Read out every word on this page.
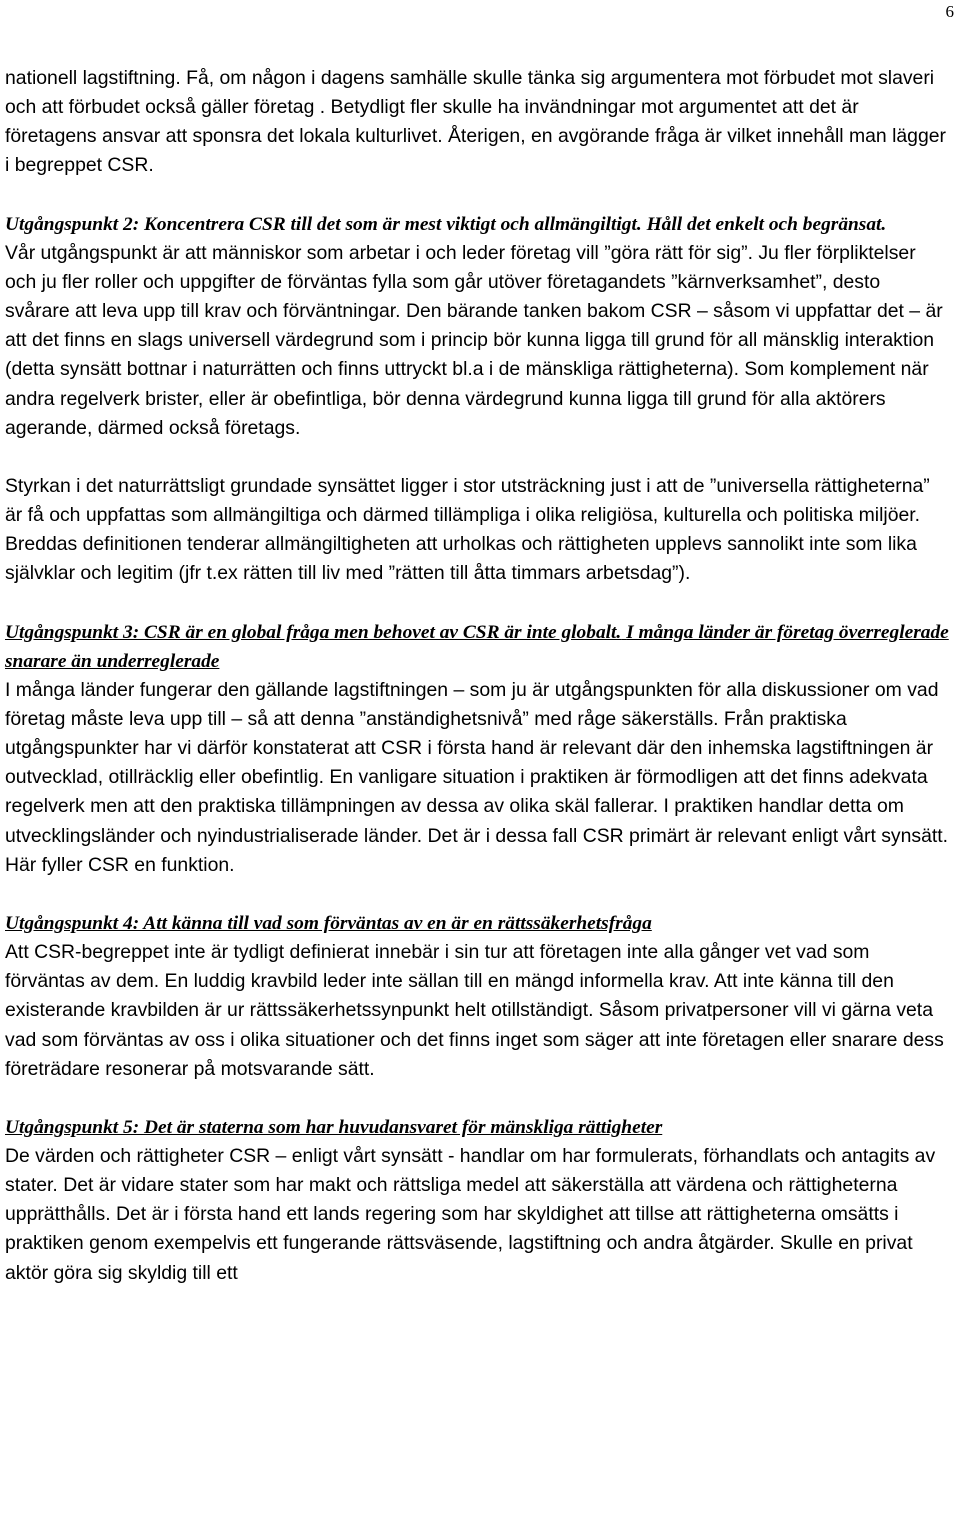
6

nationell lagstiftning. Få, om någon i dagens samhälle skulle tänka sig argumentera mot förbudet mot slaveri och att förbudet också gäller företag . Betydligt fler skulle ha invändningar mot argumentet att det är företagens ansvar att sponsra det lokala kulturlivet. Återigen, en avgörande fråga är vilket innehåll man lägger i begreppet CSR.

Utgångspunkt 2: Koncentrera CSR till det som är mest viktigt och allmängiltigt. Håll det enkelt och begränsat.

Vår utgångspunkt är att människor som arbetar i och leder företag vill ”göra rätt för sig”. Ju fler förpliktelser och ju fler roller och uppgifter de förväntas fylla som går utöver företagandets ”kärnverksamhet”, desto svårare att leva upp till krav och förväntningar. Den bärande tanken bakom CSR – såsom vi uppfattar det – är att det finns en slags universell värdegrund som i princip bör kunna ligga till grund för all mänsklig interaktion (detta synsätt bottnar i naturrätten och finns uttryckt bl.a i de mänskliga rättigheterna). Som komplement när andra regelverk brister, eller är obefintliga, bör denna värdegrund kunna ligga till grund för alla aktörers agerande, därmed också företags.

Styrkan i det naturrättsligt grundade synsättet ligger i stor utsträckning just i att de ”universella rättigheterna” är få och uppfattas som allmängiltiga och därmed tillämpliga i olika religiösa, kulturella och politiska miljöer. Breddas definitionen tenderar allmängiltigheten att urholkas och rättigheten upplevs sannolikt inte som lika självklar och legitim (jfr t.ex rätten till liv med ”rätten till åtta timmars arbetsdag”).

Utgångspunkt 3: CSR är en global fråga men behovet av CSR är inte globalt. I många länder är företag överreglerade snarare än underreglerade

I många länder fungerar den gällande lagstiftningen – som ju är utgångspunkten för alla diskussioner om vad företag måste leva upp till – så att denna ”anständighetsnivå” med råge säkerställs. Från praktiska utgångspunkter har vi därför konstaterat att CSR i första hand är relevant där den inhemska lagstiftningen är outvecklad, otillräcklig eller obefintlig. En vanligare situation i praktiken är förmodligen att det finns adekvata regelverk men att den praktiska tillämpningen av dessa av olika skäl fallerar. I praktiken handlar detta om utvecklingsländer och nyindustrialiserade länder. Det är i dessa fall CSR primärt är relevant enligt vårt synsätt. Här fyller CSR en funktion.

Utgångspunkt 4: Att känna till vad som förväntas av en är en rättssäkerhetsfråga

Att CSR-begreppet inte är tydligt definierat innebär i sin tur att företagen inte alla gånger vet vad som förväntas av dem. En luddig kravbild leder inte sällan till en mängd informella krav. Att inte känna till den existerande kravbilden är ur rättssäkerhetssynpunkt helt otillständigt. Såsom privatpersoner vill vi gärna veta vad som förväntas av oss i olika situationer och det finns inget som säger att inte företagen eller snarare dess företrädare resonerar på motsvarande sätt.

Utgångspunkt 5: Det är staterna som har huvudansvaret för mänskliga rättigheter

De värden och rättigheter CSR – enligt vårt synsätt - handlar om har formulerats, förhandlats och antagits av stater. Det är vidare stater som har makt och rättsliga medel att säkerställa att värdena och rättigheterna upprätthålls. Det är i första hand ett lands regering som har skyldighet att tillse att rättigheterna omsätts i praktiken genom exempelvis ett fungerande rättsväsende, lagstiftning och andra åtgärder. Skulle en privat aktör göra sig skyldig till ett
